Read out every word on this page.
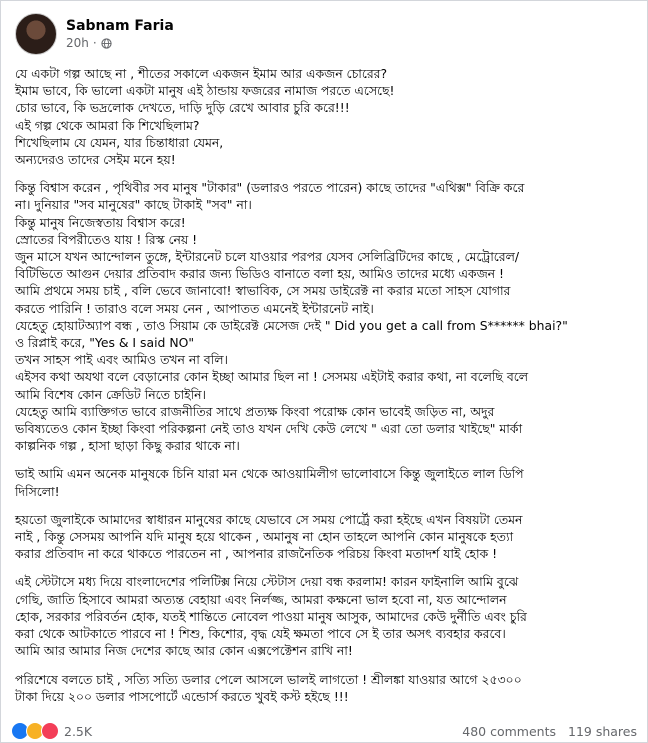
Sabnam Faria
20h ·
যে একটা গল্প আছে না , শীতের সকালে একজন ইমাম আর একজন চোরের?
ইমাম ভাবে, কি ভালো একটা মানুষ এই ঠান্ডায় ফজরের নামাজ পরতে এসেছে!
চোর ভাবে, কি ভদ্রলোক দেখতে, দাড়ি দুড়ি রেখে আবার চুরি করে!!!
এই গল্প থেকে আমরা কি শিখেছিলাম?
শিখেছিলাম যে যেমন, যার চিন্তাধারা যেমন,
অন্যদেরও তাদের সেইম মনে হয়!
কিন্তু বিশ্বাস করেন , পৃথিবীর সব মানুষ "টাকার" (ডলারও পরতে পারেন) কাছে তাদের "এথিক্স" বিক্রি করে
না। দুনিয়ার "সব মানুষের" কাছে টাকাই "সব" না।
কিন্তু মানুষ নিজেস্বতায় বিশ্বাস করে!
স্রোতের বিপরীতেও যায় ! রিস্ক নেয় !
জুন মাসে যখন আন্দোলন তুঙ্গে, ইন্টারনেট চলে যাওয়ার পরপর যেসব সেলিব্রিটিদের কাছে , মেট্রোরেল/
বিটিভিতে আগুন দেয়ার প্রতিবাদ করার জন্য ভিডিও বানাতে বলা হয়, আমিও তাদের মধ্যে একজন !
আমি প্রথমে সময় চাই , বলি ভেবে জানাবো! স্বাভাবিক, সে সময় ডাইরেক্ট না করার মতো সাহস যোগার
করতে পারিনি ! তারাও বলে সময় নেন , আপাতত এমনেই ইন্টারনেট নাই।
যেহেতু হোয়াটঅ্যাপ বন্ধ , তাও সিয়াম কে ডাইরেক্ট মেসেজ দেই " Did you get a call from S****** bhai?"
ও রিপ্লাই করে, "Yes & I said NO"
তখন সাহস পাই এবং আমিও তখন না বলি।
এইসব কথা অযথা বলে বেড়ানোর কোন ইচ্ছা আমার ছিল না ! সেসময় এইটাই করার কথা, না বলেছি বলে
আমি বিশেষ কোন ক্রেডিট নিতে চাইনি।
যেহেতু আমি ব্যাক্তিগত ভাবে রাজনীতির সাথে প্রত্যক্ষ কিংবা পরোক্ষ কোন ভাবেই জড়িত না, অদুর
ভবিষ্যতেও কোন ইচ্ছা কিংবা পরিকল্পনা নেই তাও যখন দেখি কেউ লেখে " এরা তো ডলার খাইছে" মার্কা
কাল্পনিক গল্প , হাসা ছাড়া কিছু করার থাকে না।
ভাই আমি এমন অনেক মানুষকে চিনি যারা মন থেকে আওয়ামিলীগ ভালোবাসে কিন্তু জুলাইতে লাল ডিপি
দিসিলো!
হয়তো জুলাইকে আমাদের স্বাধারন মানুষের কাছে যেভাবে সে সময় পোর্ট্রে করা হইছে এখন বিষয়টা তেমন
নাই , কিন্তু সেসময় আপনি যদি মানুষ হয়ে থাকেন , অমানুষ না হোন তাহলে আপনি কোন মানুষকে হত্যা
করার প্রতিবাদ না করে থাকতে পারতেন না , আপনার রাজনৈতিক পরিচয় কিংবা মতাদর্শ যাই হোক !
এই স্টেটাসে মধ্য দিয়ে বাংলাদেশের পলিটিক্স নিয়ে স্টেটাস দেয়া বন্ধ করলাম! কারন ফাইনালি আমি বুঝে
গেছি, জাতি হিসাবে আমরা অত্যন্ত বেহায়া এবং নির্লজ্জ, আমরা কক্ষনো ভাল হবো না, যত আন্দোলন
হোক, সরকার পরিবর্তন হোক, যতই শান্তিতে নোবেল পাওয়া মানুষ আসুক, আমাদের কেউ দুর্নীতি এবং চুরি
করা থেকে আটকাতে পারবে না ! শিশু, কিশোর, বৃদ্ধ যেই ক্ষমতা পাবে সে ই তার অসৎ ব্যবহার করবে।
আমি আর আমার নিজ দেশের কাছে আর কোন এক্সপেক্টেশন রাখি না!
পরিশেষে বলতে চাই , সত্যি সত্যি ডলার পেলে আসলে ভালই লাগতো ! শ্রীলঙ্কা যাওয়ার আগে ২৫৩০০
টাকা দিয়ে ২০০ ডলার পাসপোর্টে এন্ডোর্স করতে খুবই কস্ট হইছে !!!
2.5K	480 comments 119 shares
